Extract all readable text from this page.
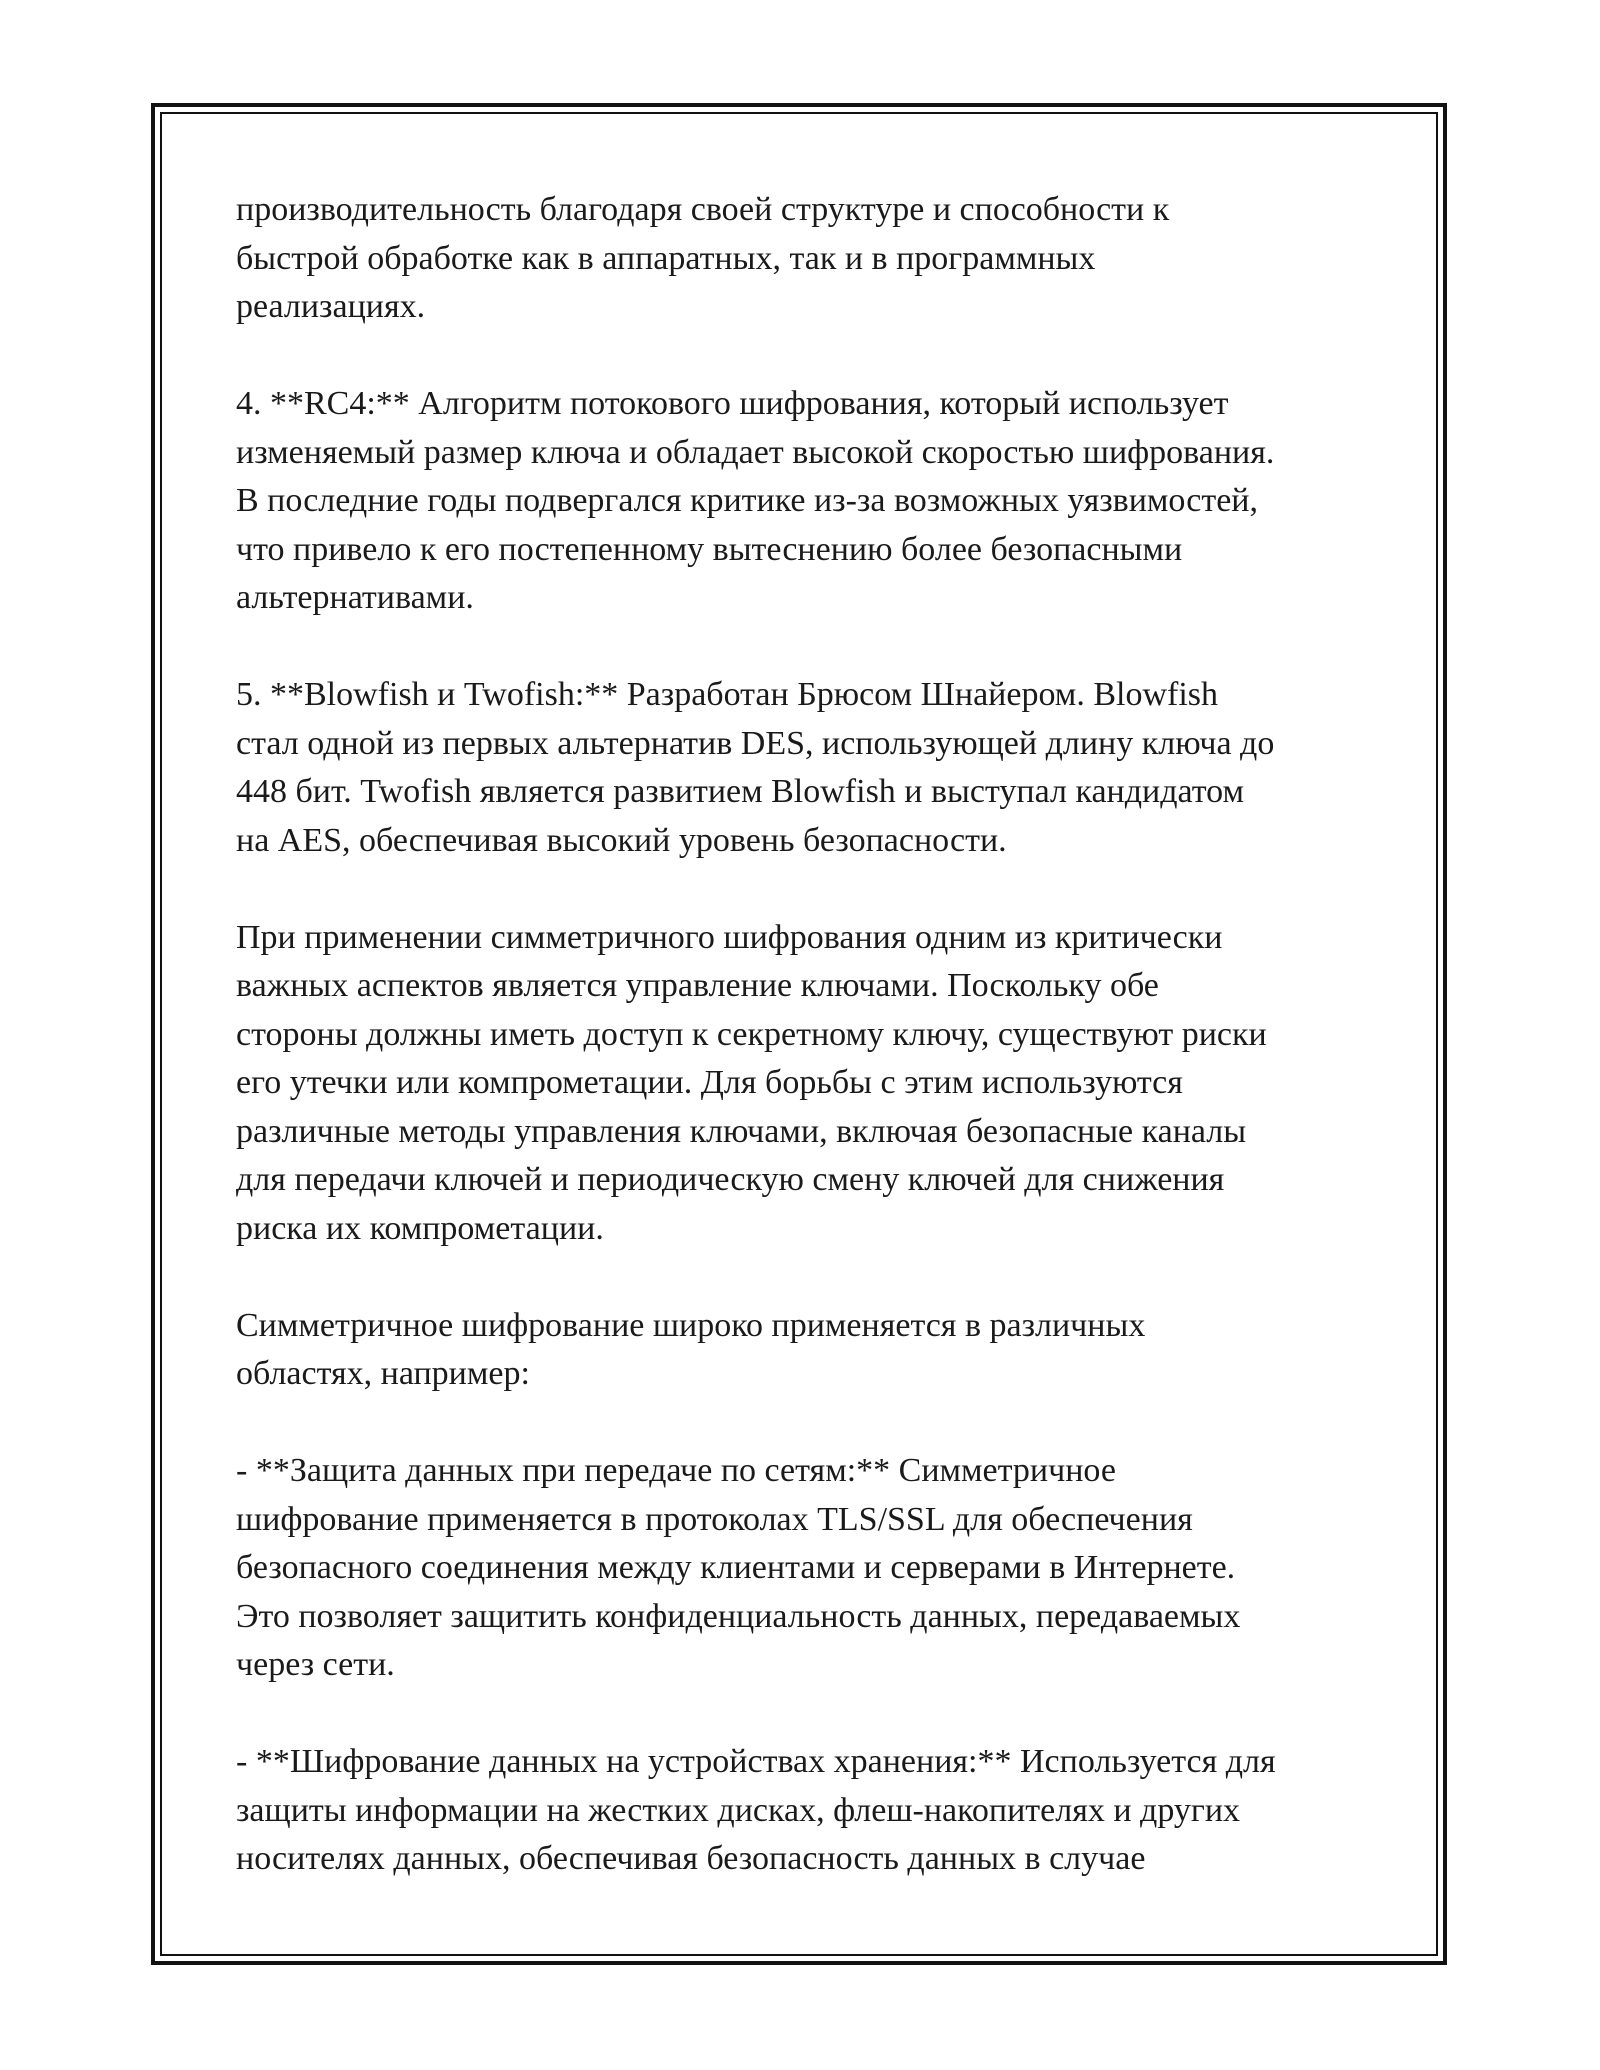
производительность благодаря своей структуре и способности к
быстрой обработке как в аппаратных, так и в программных
реализациях.

4. **RC4:** Алгоритм потокового шифрования, который использует
изменяемый размер ключа и обладает высокой скоростью шифрования.
В последние годы подвергался критике из-за возможных уязвимостей,
что привело к его постепенному вытеснению более безопасными
альтернативами.

5. **Blowfish и Twofish:** Разработан Брюсом Шнайером. Blowfish
стал одной из первых альтернатив DES, использующей длину ключа до
448 бит. Twofish является развитием Blowfish и выступал кандидатом
на AES, обеспечивая высокий уровень безопасности.

При применении симметричного шифрования одним из критически
важных аспектов является управление ключами. Поскольку обе
стороны должны иметь доступ к секретному ключу, существуют риски
его утечки или компрометации. Для борьбы с этим используются
различные методы управления ключами, включая безопасные каналы
для передачи ключей и периодическую смену ключей для снижения
риска их компрометации.

Симметричное шифрование широко применяется в различных
областях, например:

- **Защита данных при передаче по сетям:** Симметричное
шифрование применяется в протоколах TLS/SSL для обеспечения
безопасного соединения между клиентами и серверами в Интернете.
Это позволяет защитить конфиденциальность данных, передаваемых
через сети.

- **Шифрование данных на устройствах хранения:** Используется для
защиты информации на жестких дисках, флеш-накопителях и других
носителях данных, обеспечивая безопасность данных в случае
